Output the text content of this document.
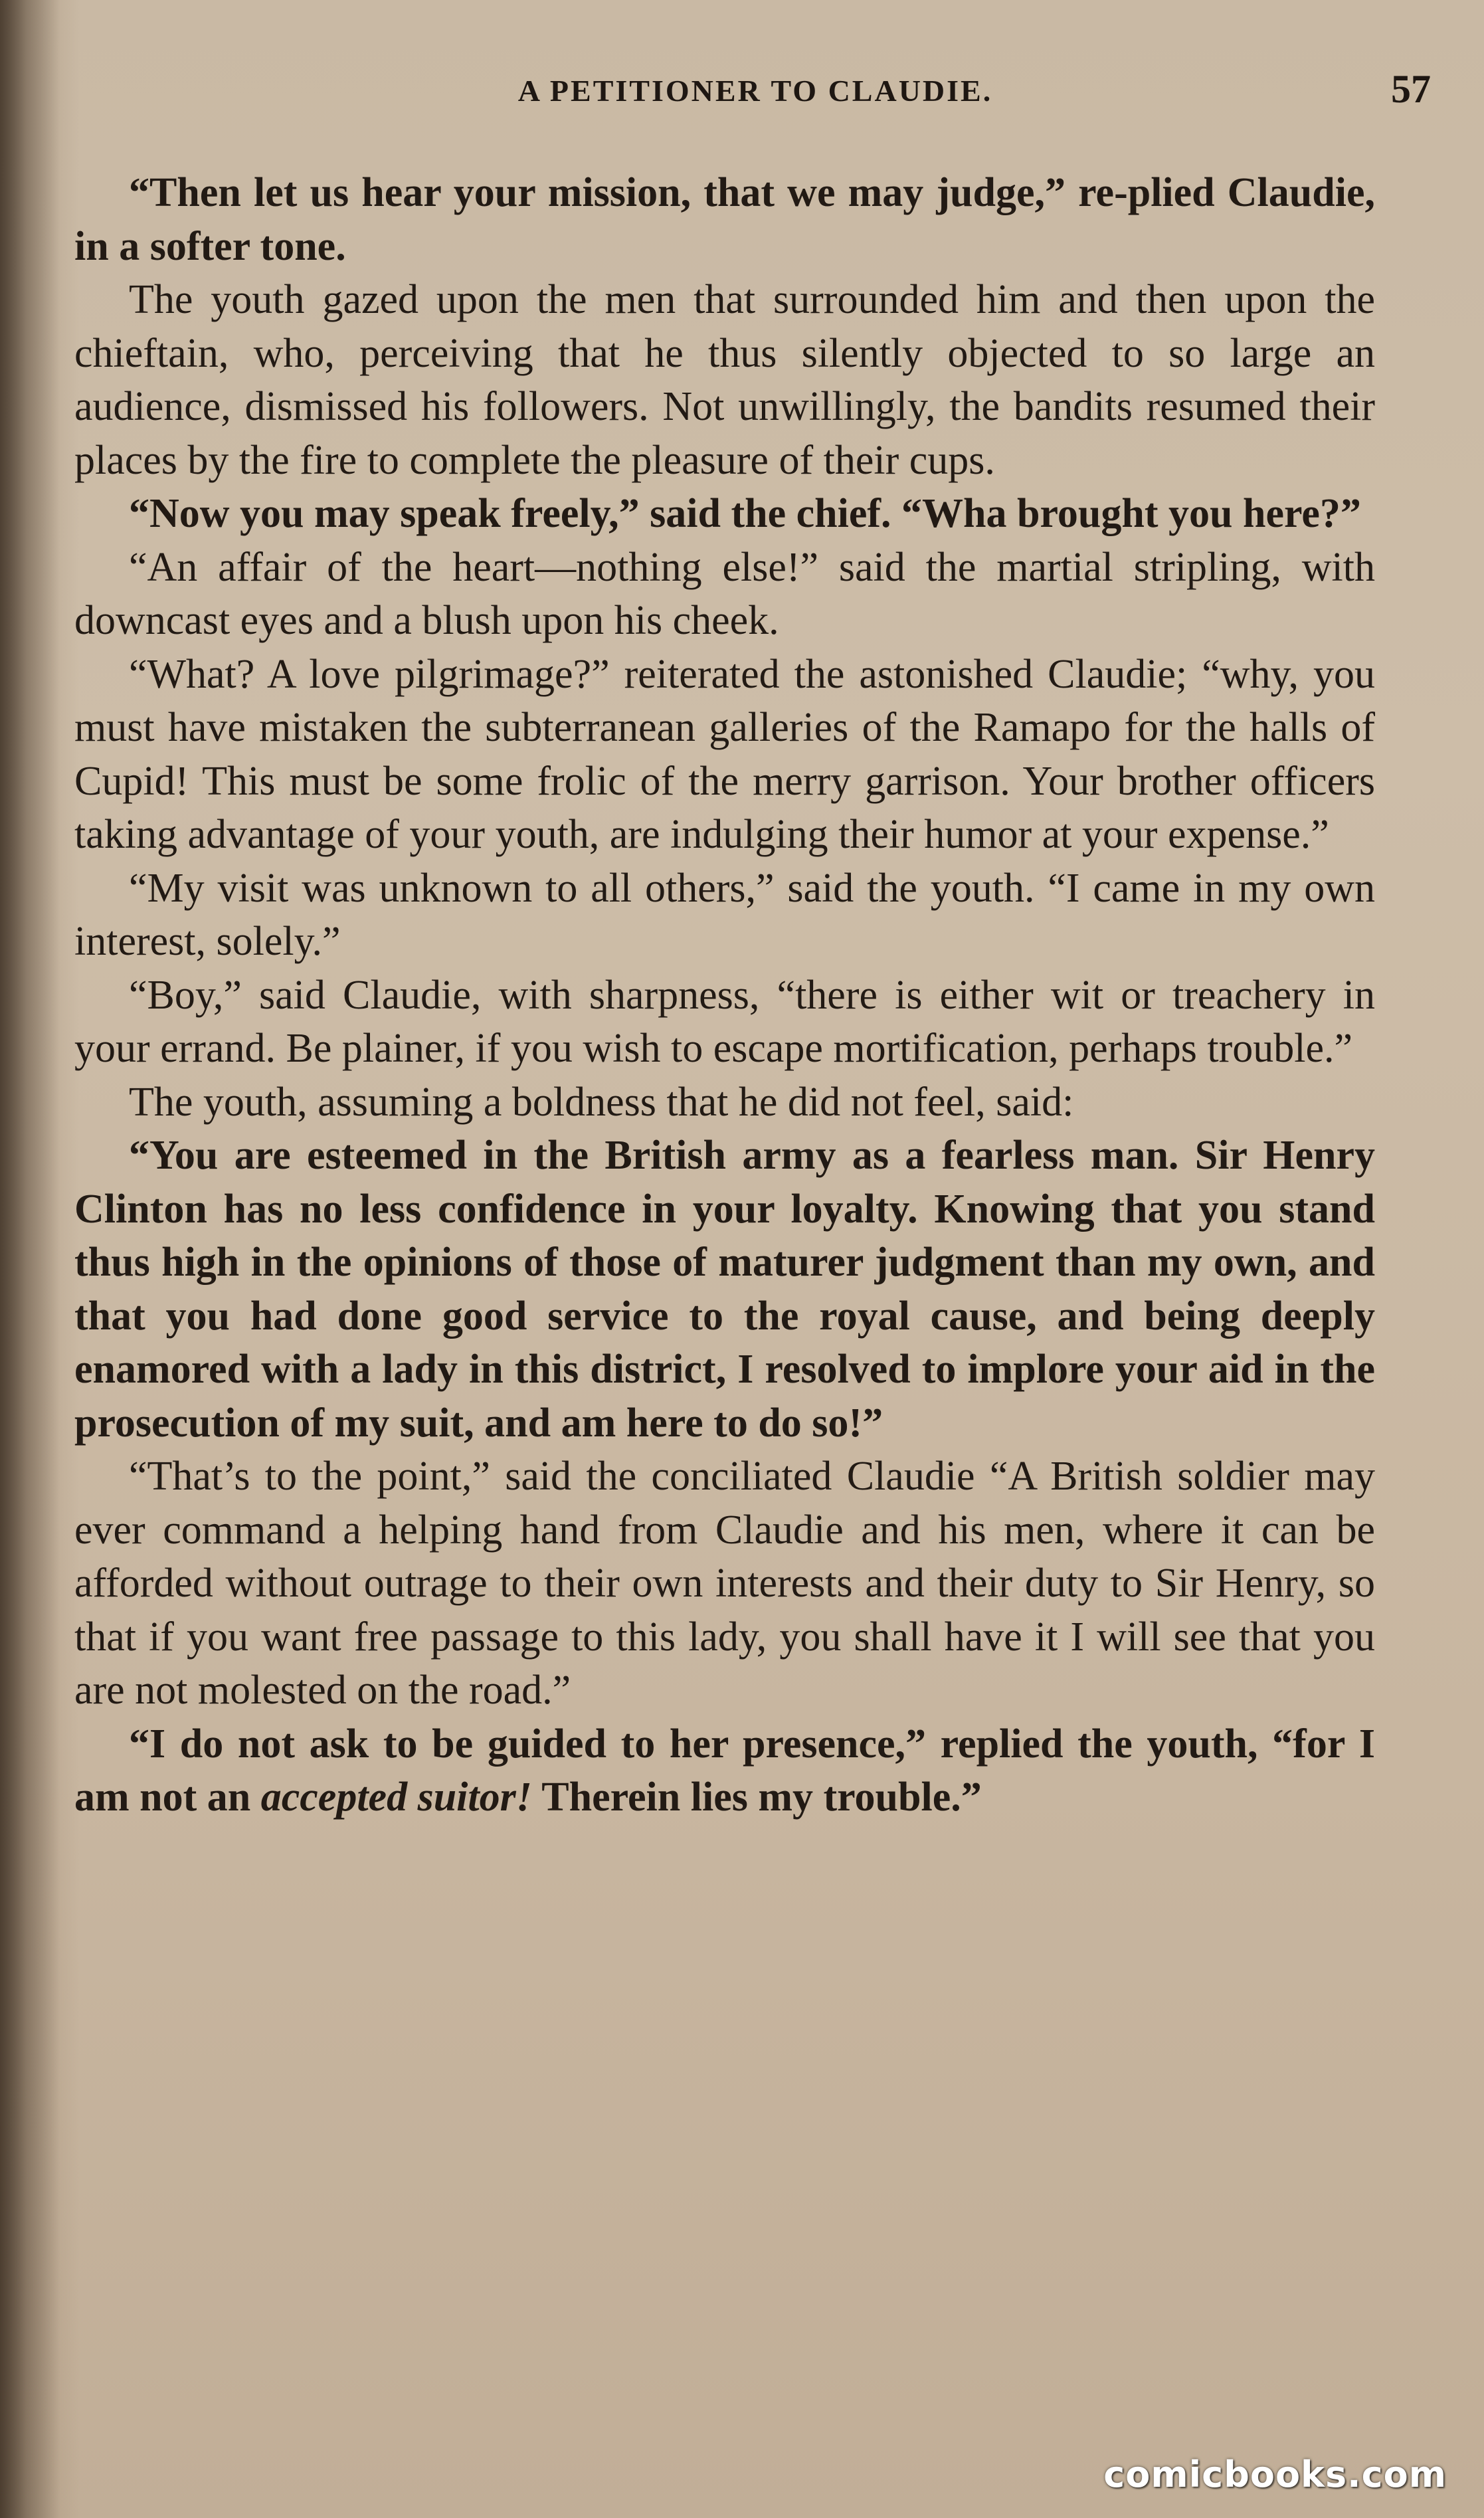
A PETITIONER TO CLAUDIE.	57

“Then let us hear your mission, that we may judge,” re-plied Claudie, in a softer tone.

The youth gazed upon the men that surrounded him and then upon the chieftain, who, perceiving that he thus silently objected to so large an audience, dismissed his followers. Not unwillingly, the bandits resumed their places by the fire to complete the pleasure of their cups.

“Now you may speak freely,” said the chief. “Wha brought you here?”

“An affair of the heart—nothing else!” said the martial stripling, with downcast eyes and a blush upon his cheek.

“What? A love pilgrimage?” reiterated the astonished Claudie; “why, you must have mistaken the subterranean galleries of the Ramapo for the halls of Cupid! This must be some frolic of the merry garrison. Your brother officers taking advantage of your youth, are indulging their humor at your expense.”

“My visit was unknown to all others,” said the youth. “I came in my own interest, solely.”

“Boy,” said Claudie, with sharpness, “there is either wit or treachery in your errand. Be plainer, if you wish to escape mortification, perhaps trouble.”

The youth, assuming a boldness that he did not feel, said:

“You are esteemed in the British army as a fearless man. Sir Henry Clinton has no less confidence in your loyalty. Knowing that you stand thus high in the opinions of those of maturer judgment than my own, and that you had done good service to the royal cause, and being deeply enamored with a lady in this district, I resolved to implore your aid in the prosecution of my suit, and am here to do so!”

“That’s to the point,” said the conciliated Claudie “A British soldier may ever command a helping hand from Claudie and his men, where it can be afforded without outrage to their own interests and their duty to Sir Henry, so that if you want free passage to this lady, you shall have it I will see that you are not molested on the road.”

“I do not ask to be guided to her presence,” replied the youth, “for I am not an accepted suitor! Therein lies my trouble.”

comicbooks.com
